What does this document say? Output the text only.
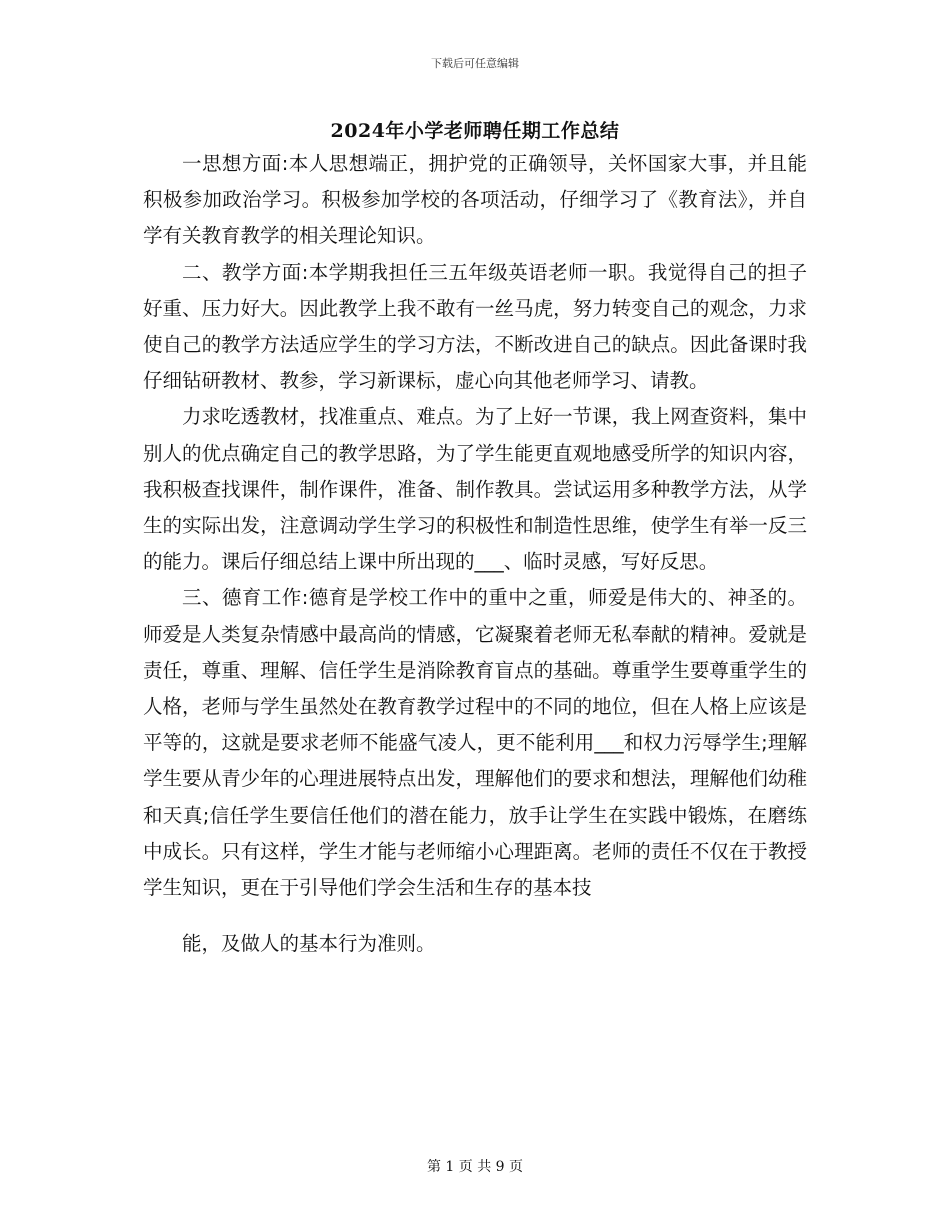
下载后可任意编辑
2024年小学老师聘任期工作总结

一思想方面:本人思想端正，拥护党的正确领导，关怀国家大事，并且能积极参加政治学习。积极参加学校的各项活动，仔细学习了《教育法》，并自学有关教育教学的相关理论知识。

二、教学方面:本学期我担任三五年级英语老师一职。我觉得自己的担子好重、压力好大。因此教学上我不敢有一丝马虎，努力转变自己的观念，力求使自己的教学方法适应学生的学习方法，不断改进自己的缺点。因此备课时我仔细钻研教材、教参，学习新课标，虚心向其他老师学习、请教。

力求吃透教材，找准重点、难点。为了上好一节课，我上网查资料，集中别人的优点确定自己的教学思路，为了学生能更直观地感受所学的知识内容，我积极查找课件，制作课件，准备、制作教具。尝试运用多种教学方法，从学生的实际出发，注意调动学生学习的积极性和制造性思维，使学生有举一反三的能力。课后仔细总结上课中所出现的___、临时灵感，写好反思。

三、德育工作:德育是学校工作中的重中之重，师爱是伟大的、神圣的。师爱是人类复杂情感中最高尚的情感，它凝聚着老师无私奉献的精神。爱就是责任，尊重、理解、信任学生是消除教育盲点的基础。尊重学生要尊重学生的人格，老师与学生虽然处在教育教学过程中的不同的地位，但在人格上应该是平等的，这就是要求老师不能盛气凌人，更不能利用___和权力污辱学生;理解学生要从青少年的心理进展特点出发，理解他们的要求和想法，理解他们幼稚和天真;信任学生要信任他们的潜在能力，放手让学生在实践中锻炼，在磨练中成长。只有这样，学生才能与老师缩小心理距离。老师的责任不仅在于教授学生知识，更在于引导他们学会生活和生存的基本技

能，及做人的基本行为准则。

第 1 页 共 9 页
